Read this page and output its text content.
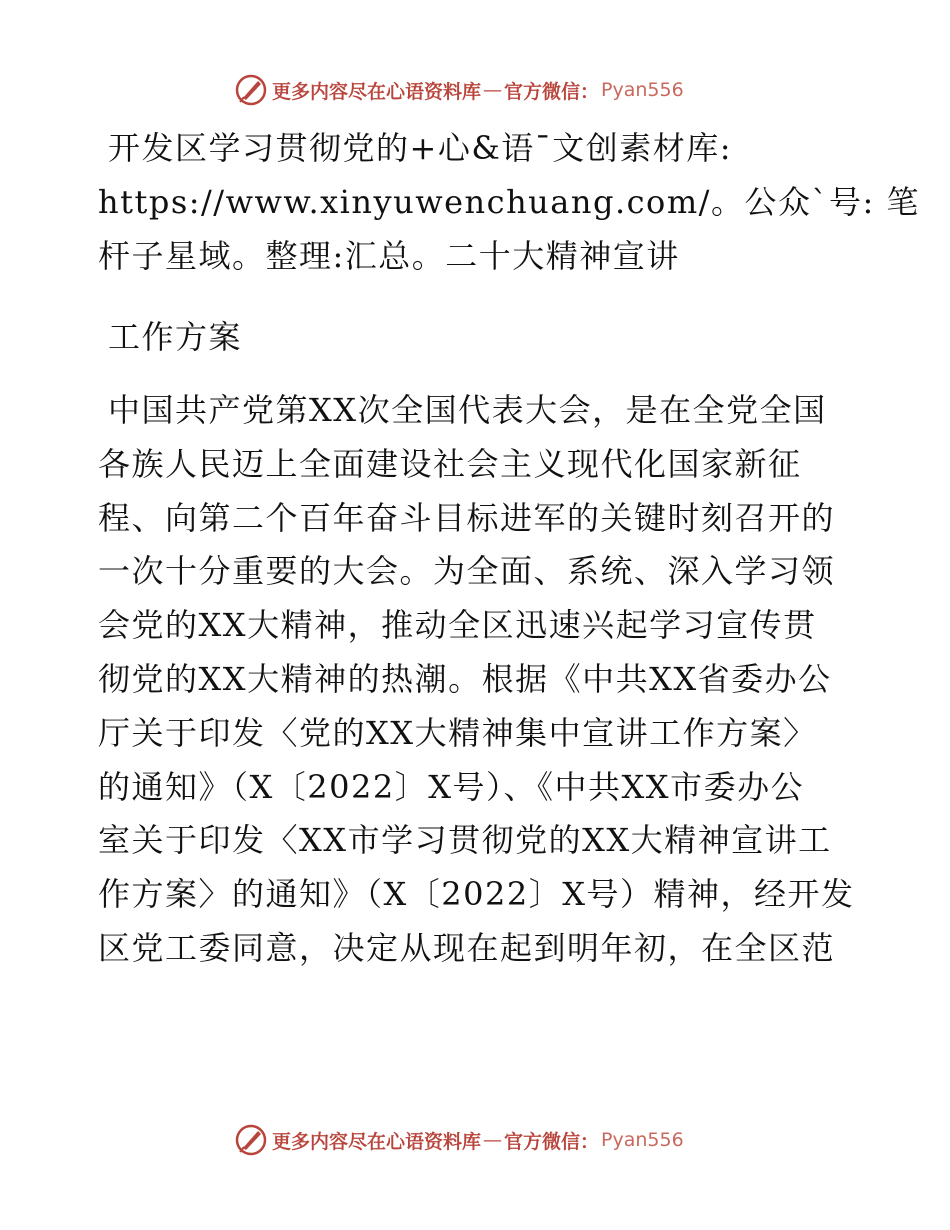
更多内容尽在心语资料库 — 官方微信： Pyan556
开发区学习贯彻党的+心&语¯文创素材库:
https://www.xinyuwenchuang.com/。公众ˋ号: 笔
杆子星域。整理:汇总。二十大精神宣讲
工作方案
中国共产党第XX次全国代表大会，是在全党全国
各族人民迈上全面建设社会主义现代化国家新征
程、向第二个百年奋斗目标进军的关键时刻召开的
一次十分重要的大会。为全面、系统、深入学习领
会党的XX大精神，推动全区迅速兴起学习宣传贯
彻党的XX大精神的热潮。根据《中共XX省委办公
厅关于印发〈党的XX大精神集中宣讲工作方案〉
的通知》（X〔2022〕X号）、《中共XX市委办公
室关于印发〈XX市学习贯彻党的XX大精神宣讲工
作方案〉的通知》（X〔2022〕X号）精神，经开发
区党工委同意，决定从现在起到明年初，在全区范
更多内容尽在心语资料库 — 官方微信： Pyan556
